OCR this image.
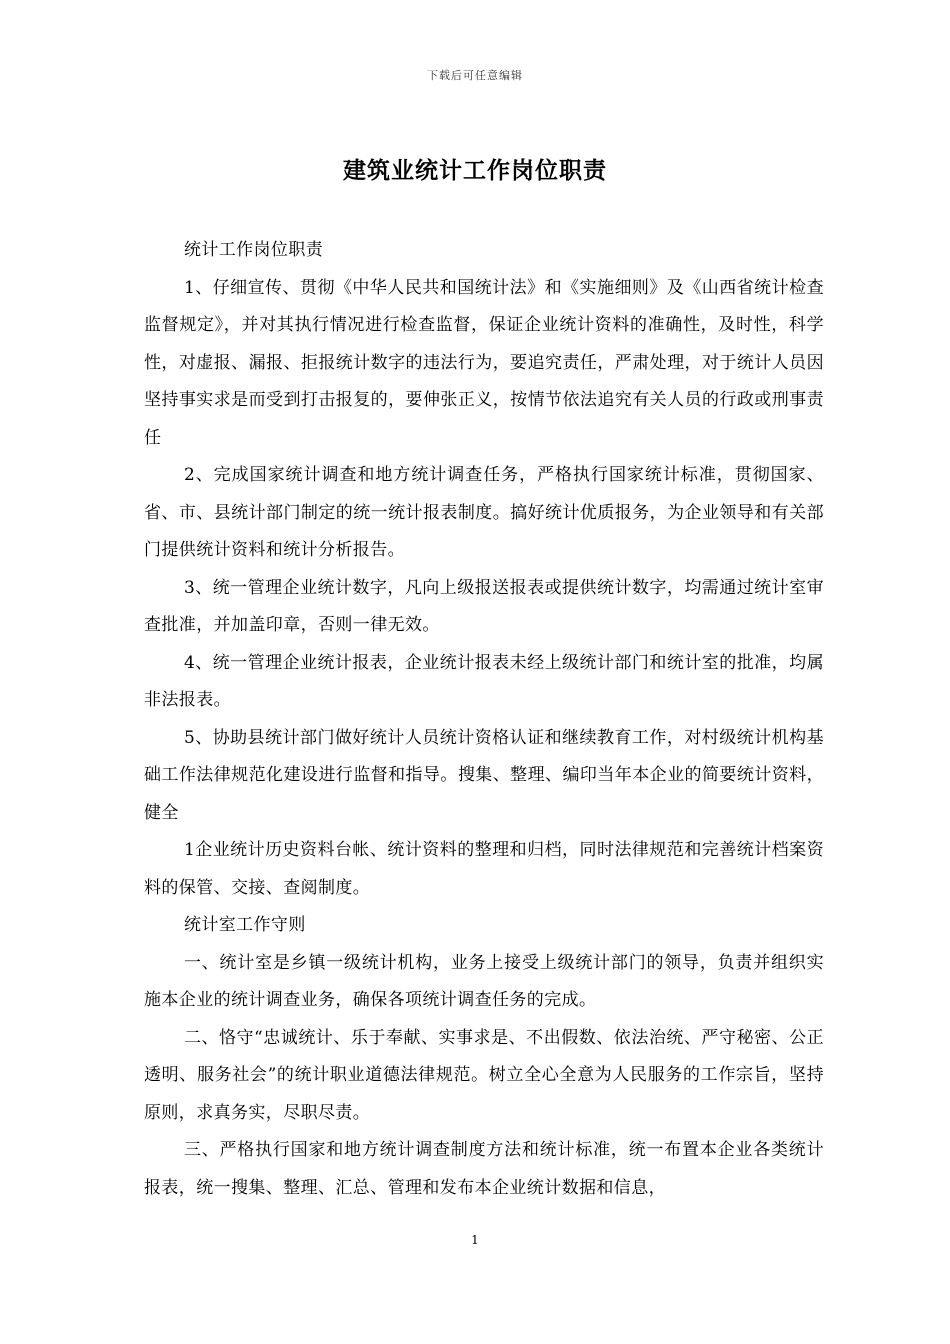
下载后可任意编辑
建筑业统计工作岗位职责

统计工作岗位职责

1、仔细宣传、贯彻《中华人民共和国统计法》和《实施细则》及《山西省统计检查监督规定》，并对其执行情况进行检查监督，保证企业统计资料的准确性，及时性，科学性，对虚报、漏报、拒报统计数字的违法行为，要追究责任，严肃处理，对于统计人员因坚持事实求是而受到打击报复的，要伸张正义，按情节依法追究有关人员的行政或刑事责任

2、完成国家统计调查和地方统计调查任务，严格执行国家统计标准，贯彻国家、省、市、县统计部门制定的统一统计报表制度。搞好统计优质报务，为企业领导和有关部门提供统计资料和统计分析报告。

3、统一管理企业统计数字，凡向上级报送报表或提供统计数字，均需通过统计室审查批准，并加盖印章，否则一律无效。

4、统一管理企业统计报表，企业统计报表未经上级统计部门和统计室的批准，均属非法报表。

5、协助县统计部门做好统计人员统计资格认证和继续教育工作，对村级统计机构基础工作法律规范化建设进行监督和指导。搜集、整理、编印当年本企业的简要统计资料，健全

1企业统计历史资料台帐、统计资料的整理和归档，同时法律规范和完善统计档案资料的保管、交接、查阅制度。

统计室工作守则

一、统计室是乡镇一级统计机构，业务上接受上级统计部门的领导，负责并组织实施本企业的统计调查业务，确保各项统计调查任务的完成。

二、恪守“忠诚统计、乐于奉献、实事求是、不出假数、依法治统、严守秘密、公正透明、服务社会”的统计职业道德法律规范。树立全心全意为人民服务的工作宗旨，坚持原则，求真务实，尽职尽责。

三、严格执行国家和地方统计调查制度方法和统计标准，统一布置本企业各类统计报表，统一搜集、整理、汇总、管理和发布本企业统计数据和信息，

1
